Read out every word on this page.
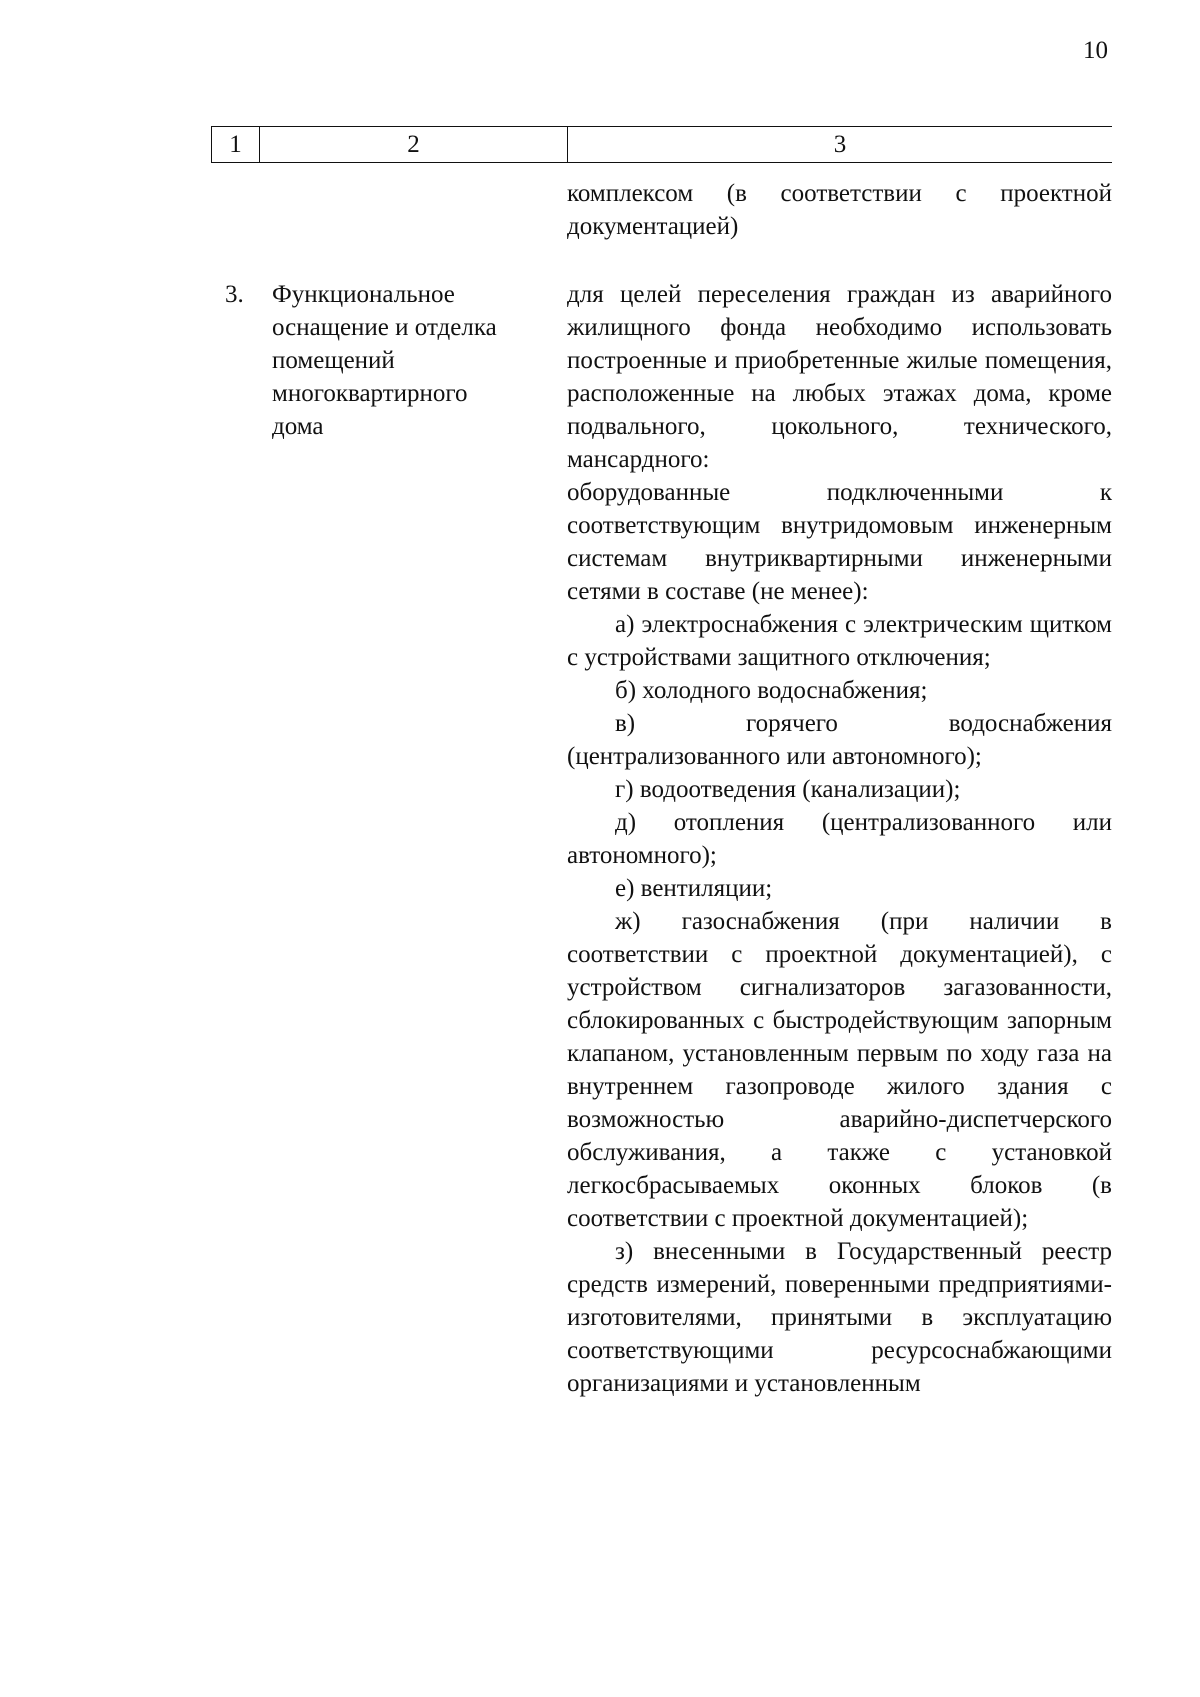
10
1	2	3

комплексом (в соответствии с проектной документацией)

3. Функциональное
оснащение и отделка
помещений
многоквартирного
дома

для целей переселения граждан из аварийного жилищного фонда необходимо использовать построенные и приобретенные жилые помещения, расположенные на любых этажах дома, кроме подвального, цокольного, технического, мансардного:

оборудованные подключенными к соответствующим внутридомовым инженерным системам внутриквартирными инженерными сетями в составе (не менее):

а) электроснабжения с электрическим щитком с устройствами защитного отключения;

б) холодного водоснабжения;

в) горячего водоснабжения (централизованного или автономного);

г) водоотведения (канализации);

д) отопления (централизованного или автономного);

е) вентиляции;

ж) газоснабжения (при наличии в соответствии с проектной документацией), с устройством сигнализаторов загазованности, сблокированных с быстродействующим запорным клапаном, установленным первым по ходу газа на внутреннем газопроводе жилого здания с возможностью аварийно-диспетчерского обслуживания, а также с установкой легкосбрасываемых оконных блоков (в соответствии с проектной документацией);

з) внесенными в Государственный реестр средств измерений, поверенными предприятиями-изготовителями, принятыми в эксплуатацию соответствующими ресурсоснабжающими организациями и установленным
